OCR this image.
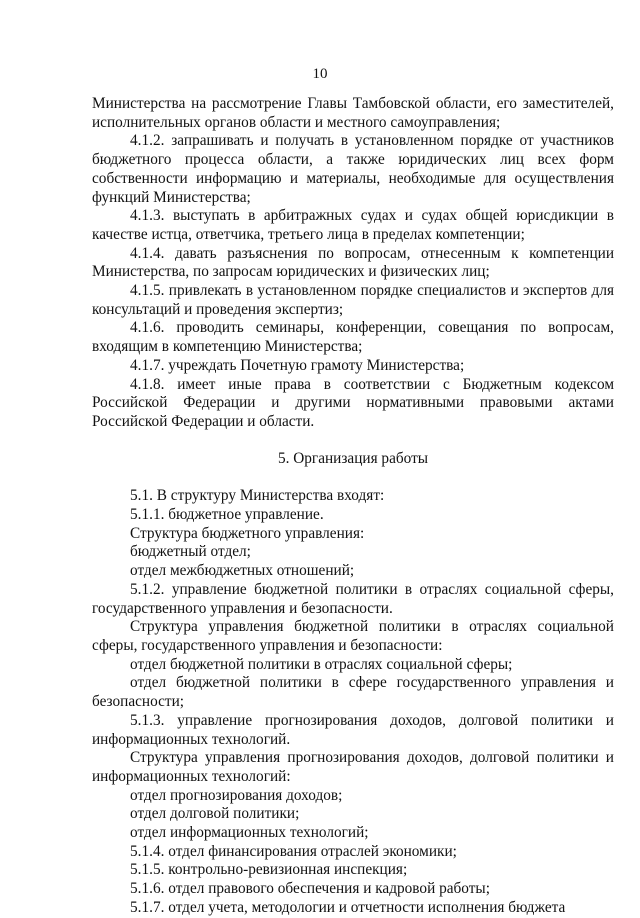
10

Министерства на рассмотрение Главы Тамбовской области, его заместителей, исполнительных органов области и местного самоуправления;

4.1.2. запрашивать и получать в установленном порядке от участников бюджетного процесса области, а также юридических лиц всех форм собственности информацию и материалы, необходимые для осуществления функций Министерства;

4.1.3. выступать в арбитражных судах и судах общей юрисдикции в качестве истца, ответчика, третьего лица в пределах компетенции;

4.1.4. давать разъяснения по вопросам, отнесенным к компетенции Министерства, по запросам юридических и физических лиц;

4.1.5. привлекать в установленном порядке специалистов и экспертов для консультаций и проведения экспертиз;

4.1.6. проводить семинары, конференции, совещания по вопросам, входящим в компетенцию Министерства;

4.1.7. учреждать Почетную грамоту Министерства;

4.1.8. имеет иные права в соответствии с Бюджетным кодексом Российской Федерации и другими нормативными правовыми актами Российской Федерации и области.

5. Организация работы

5.1. В структуру Министерства входят:

5.1.1. бюджетное управление.

Структура бюджетного управления:

бюджетный отдел;

отдел межбюджетных отношений;

5.1.2. управление бюджетной политики в отраслях социальной сферы, государственного управления и безопасности.

Структура управления бюджетной политики в отраслях социальной сферы, государственного управления и безопасности:

отдел бюджетной политики в отраслях социальной сферы;

отдел бюджетной политики в сфере государственного управления и безопасности;

5.1.3. управление прогнозирования доходов, долговой политики и информационных технологий.

Структура управления прогнозирования доходов, долговой политики и информационных технологий:

отдел прогнозирования доходов;

отдел долговой политики;

отдел информационных технологий;

5.1.4. отдел финансирования отраслей экономики;

5.1.5. контрольно-ревизионная инспекция;

5.1.6. отдел правового обеспечения и кадровой работы;

5.1.7. отдел учета, методологии и отчетности исполнения бюджета
